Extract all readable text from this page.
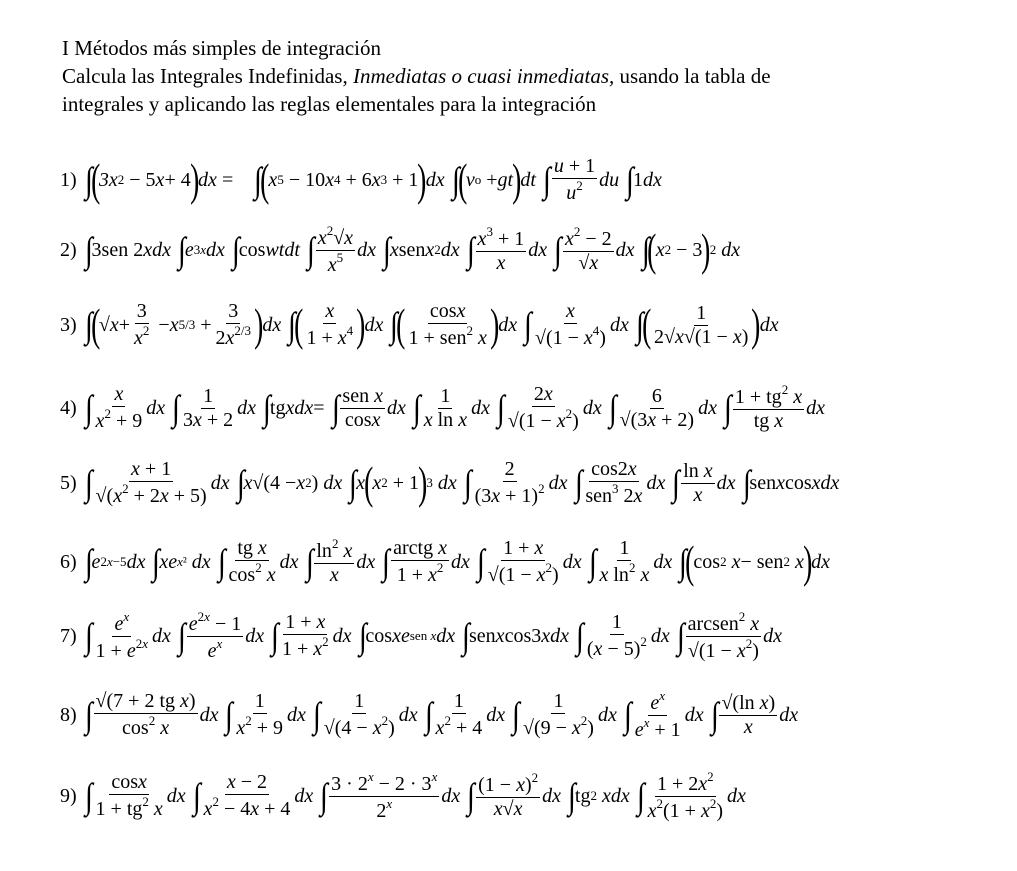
I Métodos más simples de integración
Calcula las Integrales Indefinidas, Inmediatas o cuasi inmediatas, usando la tabla de
integrales y aplicando las reglas elementales para la integración
1) ∫
( 3x 2 − 5 x + 4 ) dx = ∫
( x 5 − 10 x 4 + 6 x 3 + 1 ) dx ∫
( v o + gt ) dt ∫ $\frac{u + 1}{u^2}$ du ∫
1 dx
2) ∫
3sen 2 xdx ∫
e 3x dx ∫
cos wtdt ∫ $\frac{x^2√x}{x^5}$ dx ∫
x sen x 2 dx ∫ $\frac{x^3 + 1}{x}$ dx ∫ $\frac{x^2 - 2}{√x}$ dx ∫
( x 2 − 3 ) 2
dx
3) ∫
( √ $x + \frac{3}{x^2} - x$ $5/3 + \frac{3}{2x^{2/3}}$ ) dx ∫
( $\frac{x}{1 + x^4}$ ) dx ∫
( $\frac{\cos x}{1 + sen^2 x}$ ) dx ∫ $\frac{x}{√(1 - x^4)}$ dx ∫
( $\frac{1}{2√x√(1 - x)}$ ) dx
4) ∫ $\frac{x}{x^2 + 9}$ dx ∫ $\frac{1}{3x + 2}$ dx ∫
tg xdx = ∫ $\frac{\text{sen x}}{\cos x}$ dx ∫ $\frac{1}{\text{x ln x}}$ dx ∫ $\frac{2x}{√(1 - x^2)}$ dx ∫ $\frac{6}{√(3x + 2)}$ dx ∫ $\frac{1 + tg^2 x}{\text{tg x}}$ dx
5) ∫ $\frac{x + 1}{√(x^2 + 2x + 5)}$ dx ∫
x √(4 − x 2 ) dx ∫
x ( x 2 + 1 ) 3
dx ∫ $\frac{2}{(3x + 1)^2}$ dx ∫ $\frac{\cos 2x}{sen^3 2x}$ dx ∫ $\frac{\text{ln x}}{x}$ dx ∫
sen x cos xdx
6) ∫
e 2x−5 dx ∫
xe x²
dx ∫ $\frac{\text{tg x}}{\cos^2 x}$ dx ∫ $\frac{\ln^2 x}{x}$ dx ∫ $\frac{\text{arctg x}}{1 + x^2}$ dx ∫ $\frac{1 + x}{√(1 - x^2)}$ dx ∫ $\frac{1}{x \ln^2 x}$ dx ∫
( cos 2
x − sen 2
x ) dx
7) ∫ $\frac{e^x}{1 + e^{2x}}$ dx ∫ $\frac{e^{2x} - 1}{e^x}$ dx ∫ $\frac{1 + x}{1 + x^2}$ dx ∫
cos xe sen x dx ∫
sen x cos3 xdx ∫ $\frac{1}{(x - 5)^2}$ dx ∫ $\frac{arcsen^2 x}{√(1 - x^2)}$ dx
8) ∫ $\frac{\text{√(7 + 2 tg x)}}{\cos^2 x}$ dx ∫ $\frac{1}{x^2 + 9}$ dx ∫ $\frac{1}{√(4 - x^2)}$ dx ∫ $\frac{1}{x^2 + 4}$ dx ∫ $\frac{1}{√(9 - x^2)}$ dx ∫ $\frac{e^x}{e^x + 1}$ dx ∫ $\frac{\text{√(ln x)}}{x}$ dx
9) ∫ $\frac{\cos x}{1 + tg^2 x}$ dx ∫ $\frac{x - 2}{x^2 - 4x + 4}$ dx ∫ $\frac{3 \cdot 2^x - 2 \cdot 3^x}{2^x}$ dx ∫ $\frac{(1 - x)^2}{x√x}$ dx ∫
tg 2
xdx ∫ $\frac{1 + 2x^2}{x^2(1 + x^2)}$ dx
